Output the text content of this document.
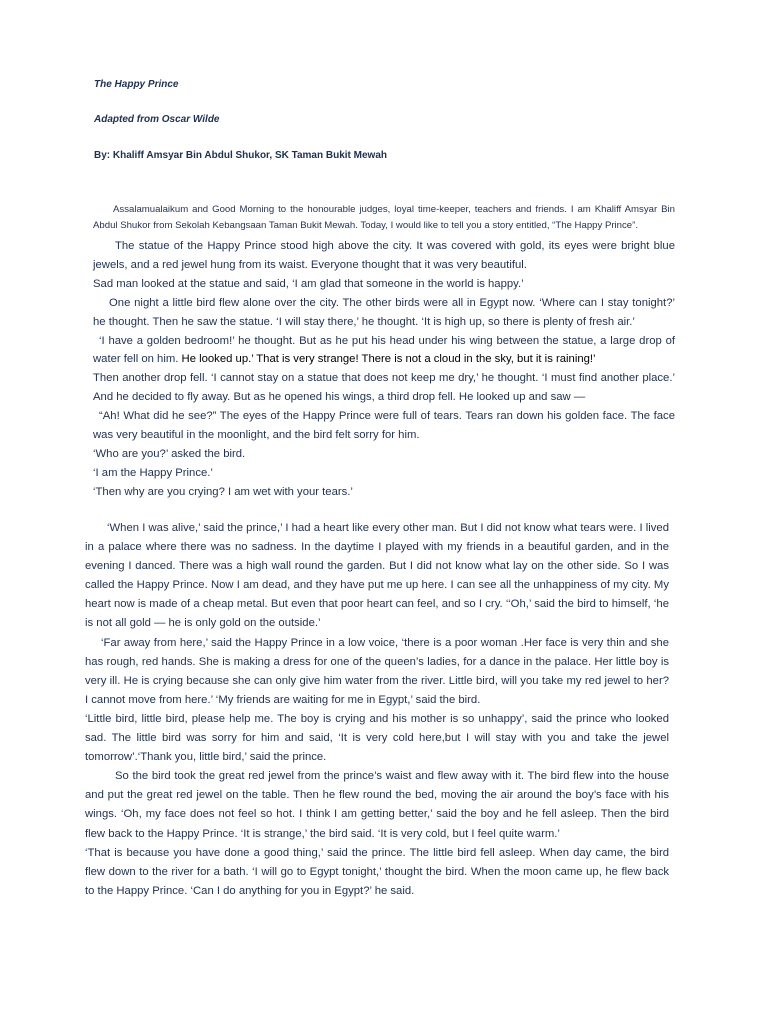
The Happy Prince
Adapted from Oscar Wilde

By: Khaliff Amsyar Bin Abdul Shukor, SK Taman Bukit Mewah

Assalamualaikum and Good Morning to the honourable judges, loyal time-keeper, teachers and friends. I am Khaliff Amsyar Bin Abdul Shukor from Sekolah Kebangsaan Taman Bukit Mewah. Today, I would like to tell you a story entitled, “The Happy Prince”.

The statue of the Happy Prince stood high above the city. It was covered with gold, its eyes were bright blue jewels, and a red jewel hung from its waist. Everyone thought that it was very beautiful.

Sad man looked at the statue and said, ‘I am glad that someone in the world is happy.’

One night a little bird flew alone over the city. The other birds were all in Egypt now. ‘Where can I stay tonight?’ he thought. Then he saw the statue. ‘I will stay there,’ he thought. ‘It is high up, so there is plenty of fresh air.’

‘I have a golden bedroom!’ he thought. But as he put his head under his wing between the statue, a large drop of water fell on him. He looked up.’ That is very strange! There is not a cloud in the sky, but it is raining!’

Then another drop fell. ‘I cannot stay on a statue that does not keep me dry,’ he thought. ‘I must find another place.’ And he decided to fly away. But as he opened his wings, a third drop fell. He looked up and saw —

“Ah! What did he see?” The eyes of the Happy Prince were full of tears. Tears ran down his golden face. The face was very beautiful in the moonlight, and the bird felt sorry for him.

‘Who are you?’ asked the bird.

‘I am the Happy Prince.’

‘Then why are you crying? I am wet with your tears.’

‘When I was alive,’ said the prince,’ I had a heart like every other man. But I did not know what tears were. I lived in a palace where there was no sadness. In the daytime I played with my friends in a beautiful garden, and in the evening I danced. There was a high wall round the garden. But I did not know what lay on the other side. So I was called the Happy Prince. Now I am dead, and they have put me up here. I can see all the unhappiness of my city. My heart now is made of a cheap metal. But even that poor heart can feel, and so I cry. ‘‘Oh,’ said the bird to himself, ‘he is not all gold — he is only gold on the outside.’

‘Far away from here,’ said the Happy Prince in a low voice, ‘there is a poor woman .Her face is very thin and she has rough, red hands. She is making a dress for one of the queen’s ladies, for a dance in the palace. Her little boy is very ill. He is crying because she can only give him water from the river. Little bird, will you take my red jewel to her? I cannot move from here.’ ‘My friends are waiting for me in Egypt,’ said the bird.

‘Little bird, little bird, please help me. The boy is crying and his mother is so unhappy’, said the prince who looked sad. The little bird was sorry for him and said, ‘It is very cold here,but I will stay with you and take the jewel tomorrow’.‘Thank you, little bird,’ said the prince.

So the bird took the great red jewel from the prince’s waist and flew away with it. The bird flew into the house and put the great red jewel on the table. Then he flew round the bed, moving the air around the boy’s face with his wings. ‘Oh, my face does not feel so hot. I think I am getting better,’ said the boy and he fell asleep. Then the bird flew back to the Happy Prince. ‘It is strange,’ the bird said. ‘It is very cold, but I feel quite warm.’

‘That is because you have done a good thing,’ said the prince. The little bird fell asleep. When day came, the bird flew down to the river for a bath. ‘I will go to Egypt tonight,’ thought the bird. When the moon came up, he flew back to the Happy Prince. ‘Can I do anything for you in Egypt?’ he said.
